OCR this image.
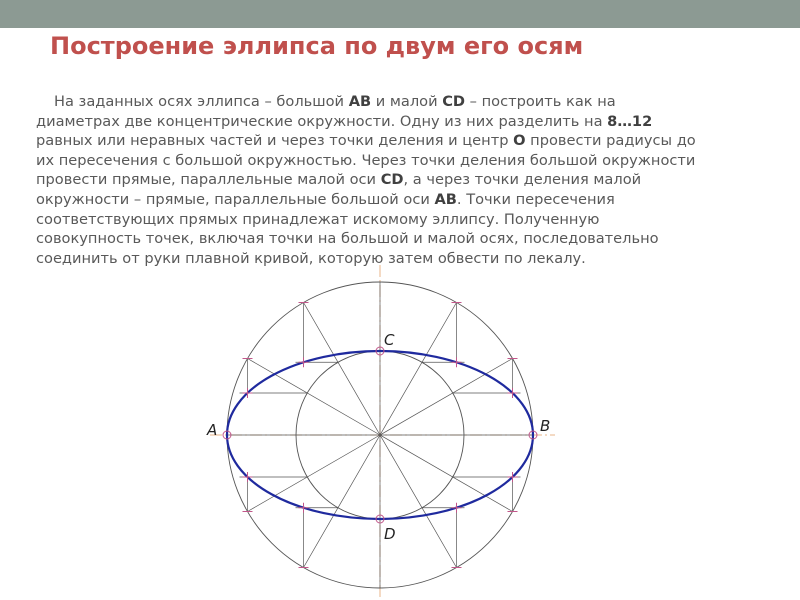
Построение эллипса по двум его осям
На заданных осях эллипса – большой AB и малой CD – построить как на
диаметрах две концентрические окружности. Одну из них разделить на 8…12
равных или неравных частей и через точки деления и центр O провести радиусы до
их пересечения с большой окружностью. Через точки деления большой окружности
провести прямые, параллельные малой оси CD, а через точки деления малой
окружности – прямые, параллельные большой оси AB. Точки пересечения
соответствующих прямых принадлежат искомому эллипсу. Полученную
совокупность точек, включая точки на большой и малой осях, последовательно
соединить от руки плавной кривой, которую затем обвести по лекалу.
A	B
C
D
